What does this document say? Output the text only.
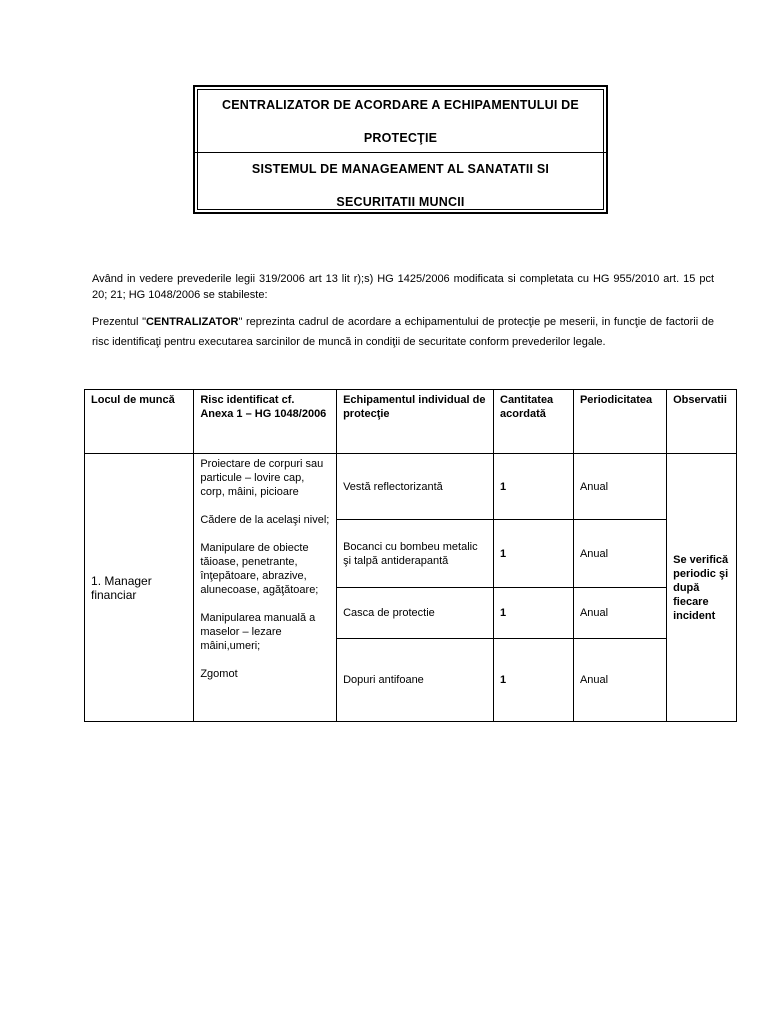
CENTRALIZATOR DE ACORDARE A ECHIPAMENTULUI DE
PROTECŢIE
SISTEMUL DE MANAGEAMENT AL SANATATII SI
SECURITATII MUNCII

Având in vedere prevederile legii 319/2006 art 13 lit r);s) HG 1425/2006 modificata si completata cu HG 955/2010 art. 15 pct 20; 21; HG 1048/2006 se stabileste:

Prezentul "CENTRALIZATOR" reprezinta cadrul de acordare a echipamentului de protecţie pe meserii, in funcţie de factorii de risc identificaţi pentru executarea sarcinilor de muncă in condiţii de securitate conform prevederilor legale.

Locul de muncă	Risc identificat cf. Anexa 1 – HG 1048/2006	Echipamentul individual de protecţie	Cantitatea acordată	Periodicitatea	Observatii
1. Manager financiar	Proiectare de corpuri sau particule – lovire cap, corp, mâini, picioare

Cădere de la acelaşi nivel;

Manipulare de obiecte tăioase, penetrante, înţepătoare, abrazive, alunecoase, agăţătoare;

Manipularea manuală a maselor – lezare mâini,umeri;

Zgomot	Vestă reflectorizantă	1	Anual	Se verifică periodic şi după fiecare incident
		Bocanci cu bombeu metalic şi talpă antiderapantă	1	Anual	
		Casca de protectie	1	Anual	
		Dopuri antifoane	1	Anual	
